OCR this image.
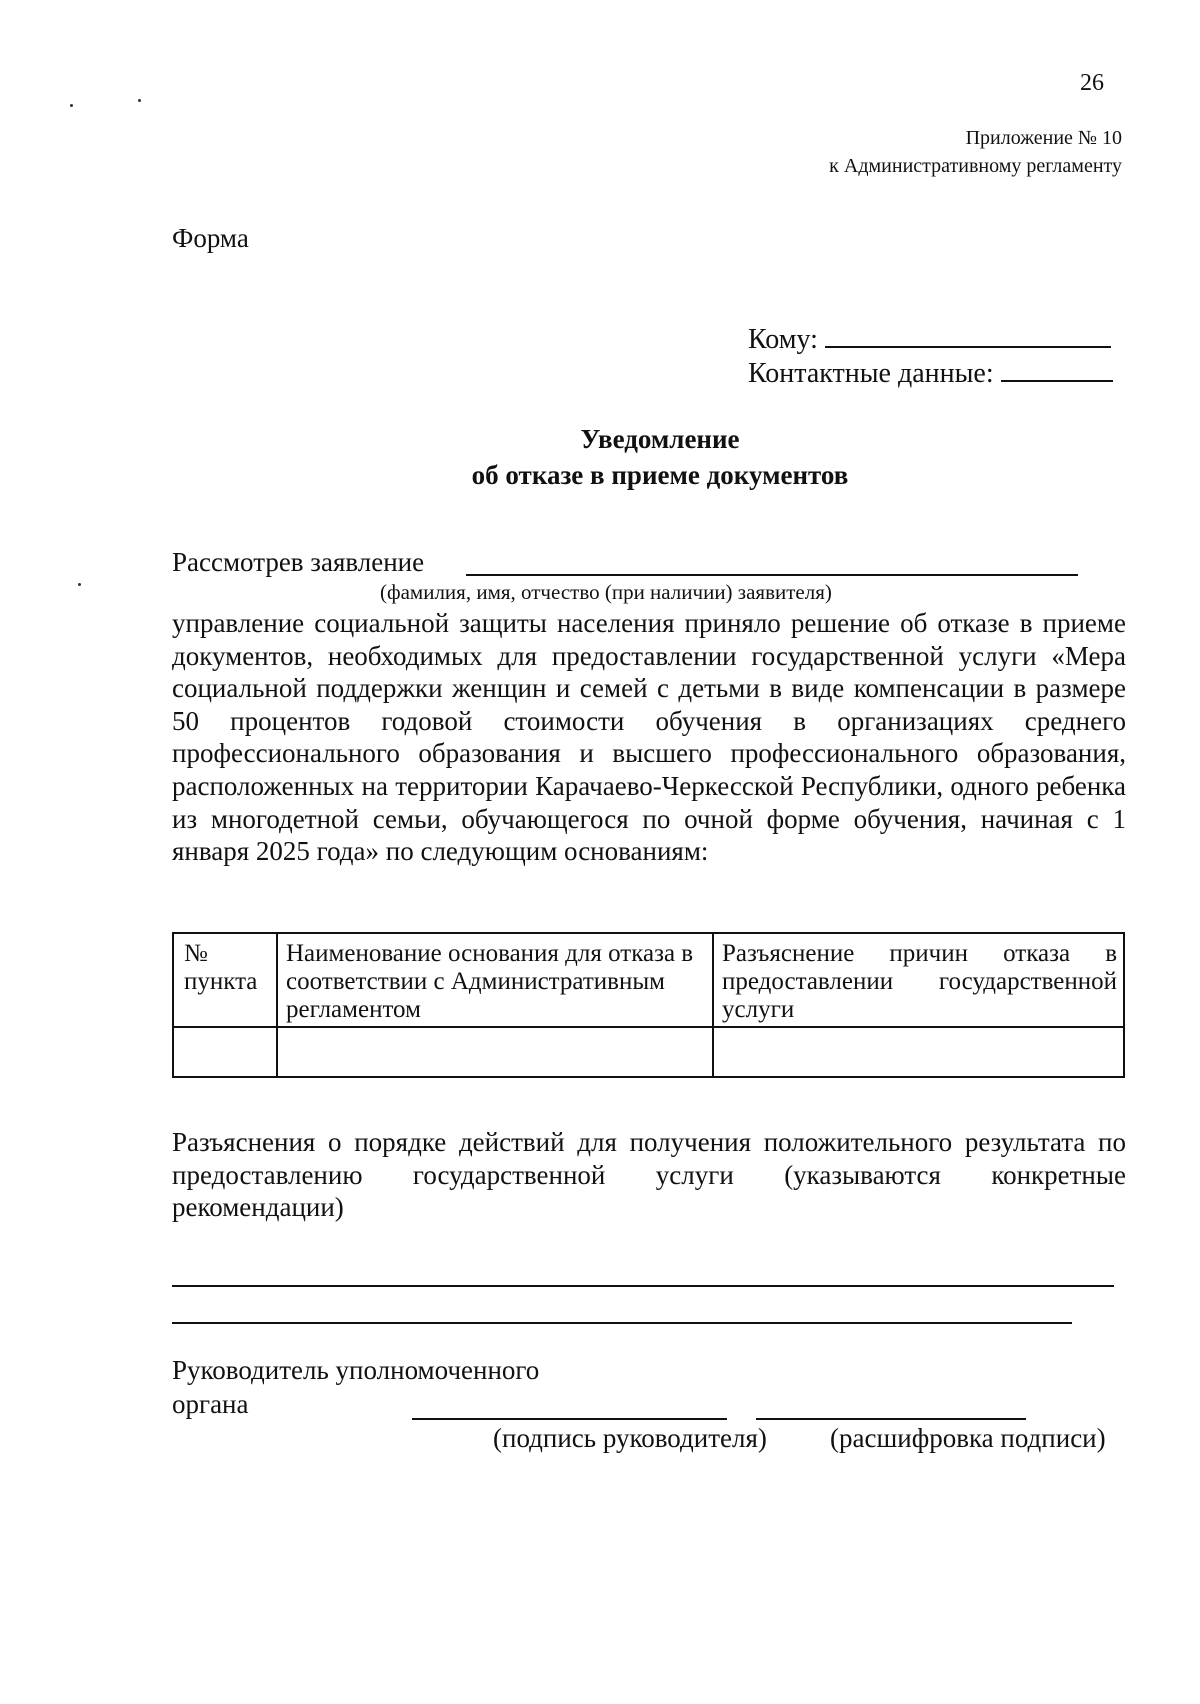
26
Приложение № 10
к Административному регламенту
Форма
Кому:
Контактные данные:
Уведомление
об отказе в приеме документов
Рассмотрев заявление
(фамилия, имя, отчество (при наличии) заявителя)
управление социальной защиты населения приняло решение об отказе в приеме документов, необходимых для предоставлении государственной услуги «Мера социальной поддержки женщин и семей с детьми в виде компенсации в размере 50 процентов годовой стоимости обучения в организациях среднего профессионального образования и высшего профессионального образования, расположенных на территории Карачаево-Черкесской Республики, одного ребенка из многодетной семьи, обучающегося по очной форме обучения, начиная с 1 января 2025 года» по следующим основаниям:
№ пункта	Наименование основания для отказа в соответствии с Административным регламентом	Разъяснение причин отказа в предоставлении государственной услуги

Разъяснения о порядке действий для получения положительного результата по предоставлению государственной услуги (указываются конкретные рекомендации)
Руководитель уполномоченного
органа
(подпись руководителя) (расшифровка подписи)
